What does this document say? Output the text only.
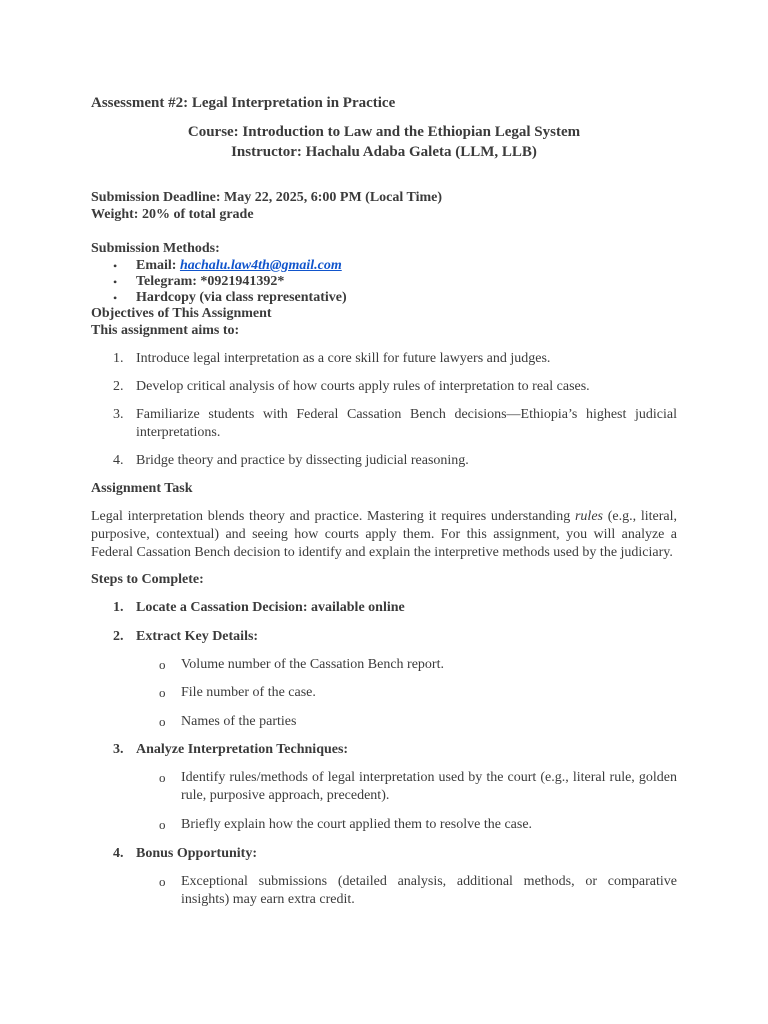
Assessment #2: Legal Interpretation in Practice
Course: Introduction to Law and the Ethiopian Legal System
Instructor: Hachalu Adaba Galeta (LLM, LLB)
Submission Deadline: May 22, 2025, 6:00 PM (Local Time)
Weight: 20% of total grade
Submission Methods:
• Email: hachalu.law4th@gmail.com
• Telegram: *0921941392*
• Hardcopy (via class representative)
Objectives of This Assignment
This assignment aims to:
1. Introduce legal interpretation as a core skill for future lawyers and judges.
2. Develop critical analysis of how courts apply rules of interpretation to real cases.
3. Familiarize students with Federal Cassation Bench decisions—Ethiopia’s highest judicial interpretations.
4. Bridge theory and practice by dissecting judicial reasoning.
Assignment Task
Legal interpretation blends theory and practice. Mastering it requires understanding rules (e.g., literal, purposive, contextual) and seeing how courts apply them. For this assignment, you will analyze a Federal Cassation Bench decision to identify and explain the interpretive methods used by the judiciary.
Steps to Complete:
1. Locate a Cassation Decision: available online
2. Extract Key Details:
o Volume number of the Cassation Bench report.
o File number of the case.
o Names of the parties
3. Analyze Interpretation Techniques:
o Identify rules/methods of legal interpretation used by the court (e.g., literal rule, golden rule, purposive approach, precedent).
o Briefly explain how the court applied them to resolve the case.
4. Bonus Opportunity:
o Exceptional submissions (detailed analysis, additional methods, or comparative insights) may earn extra credit.
